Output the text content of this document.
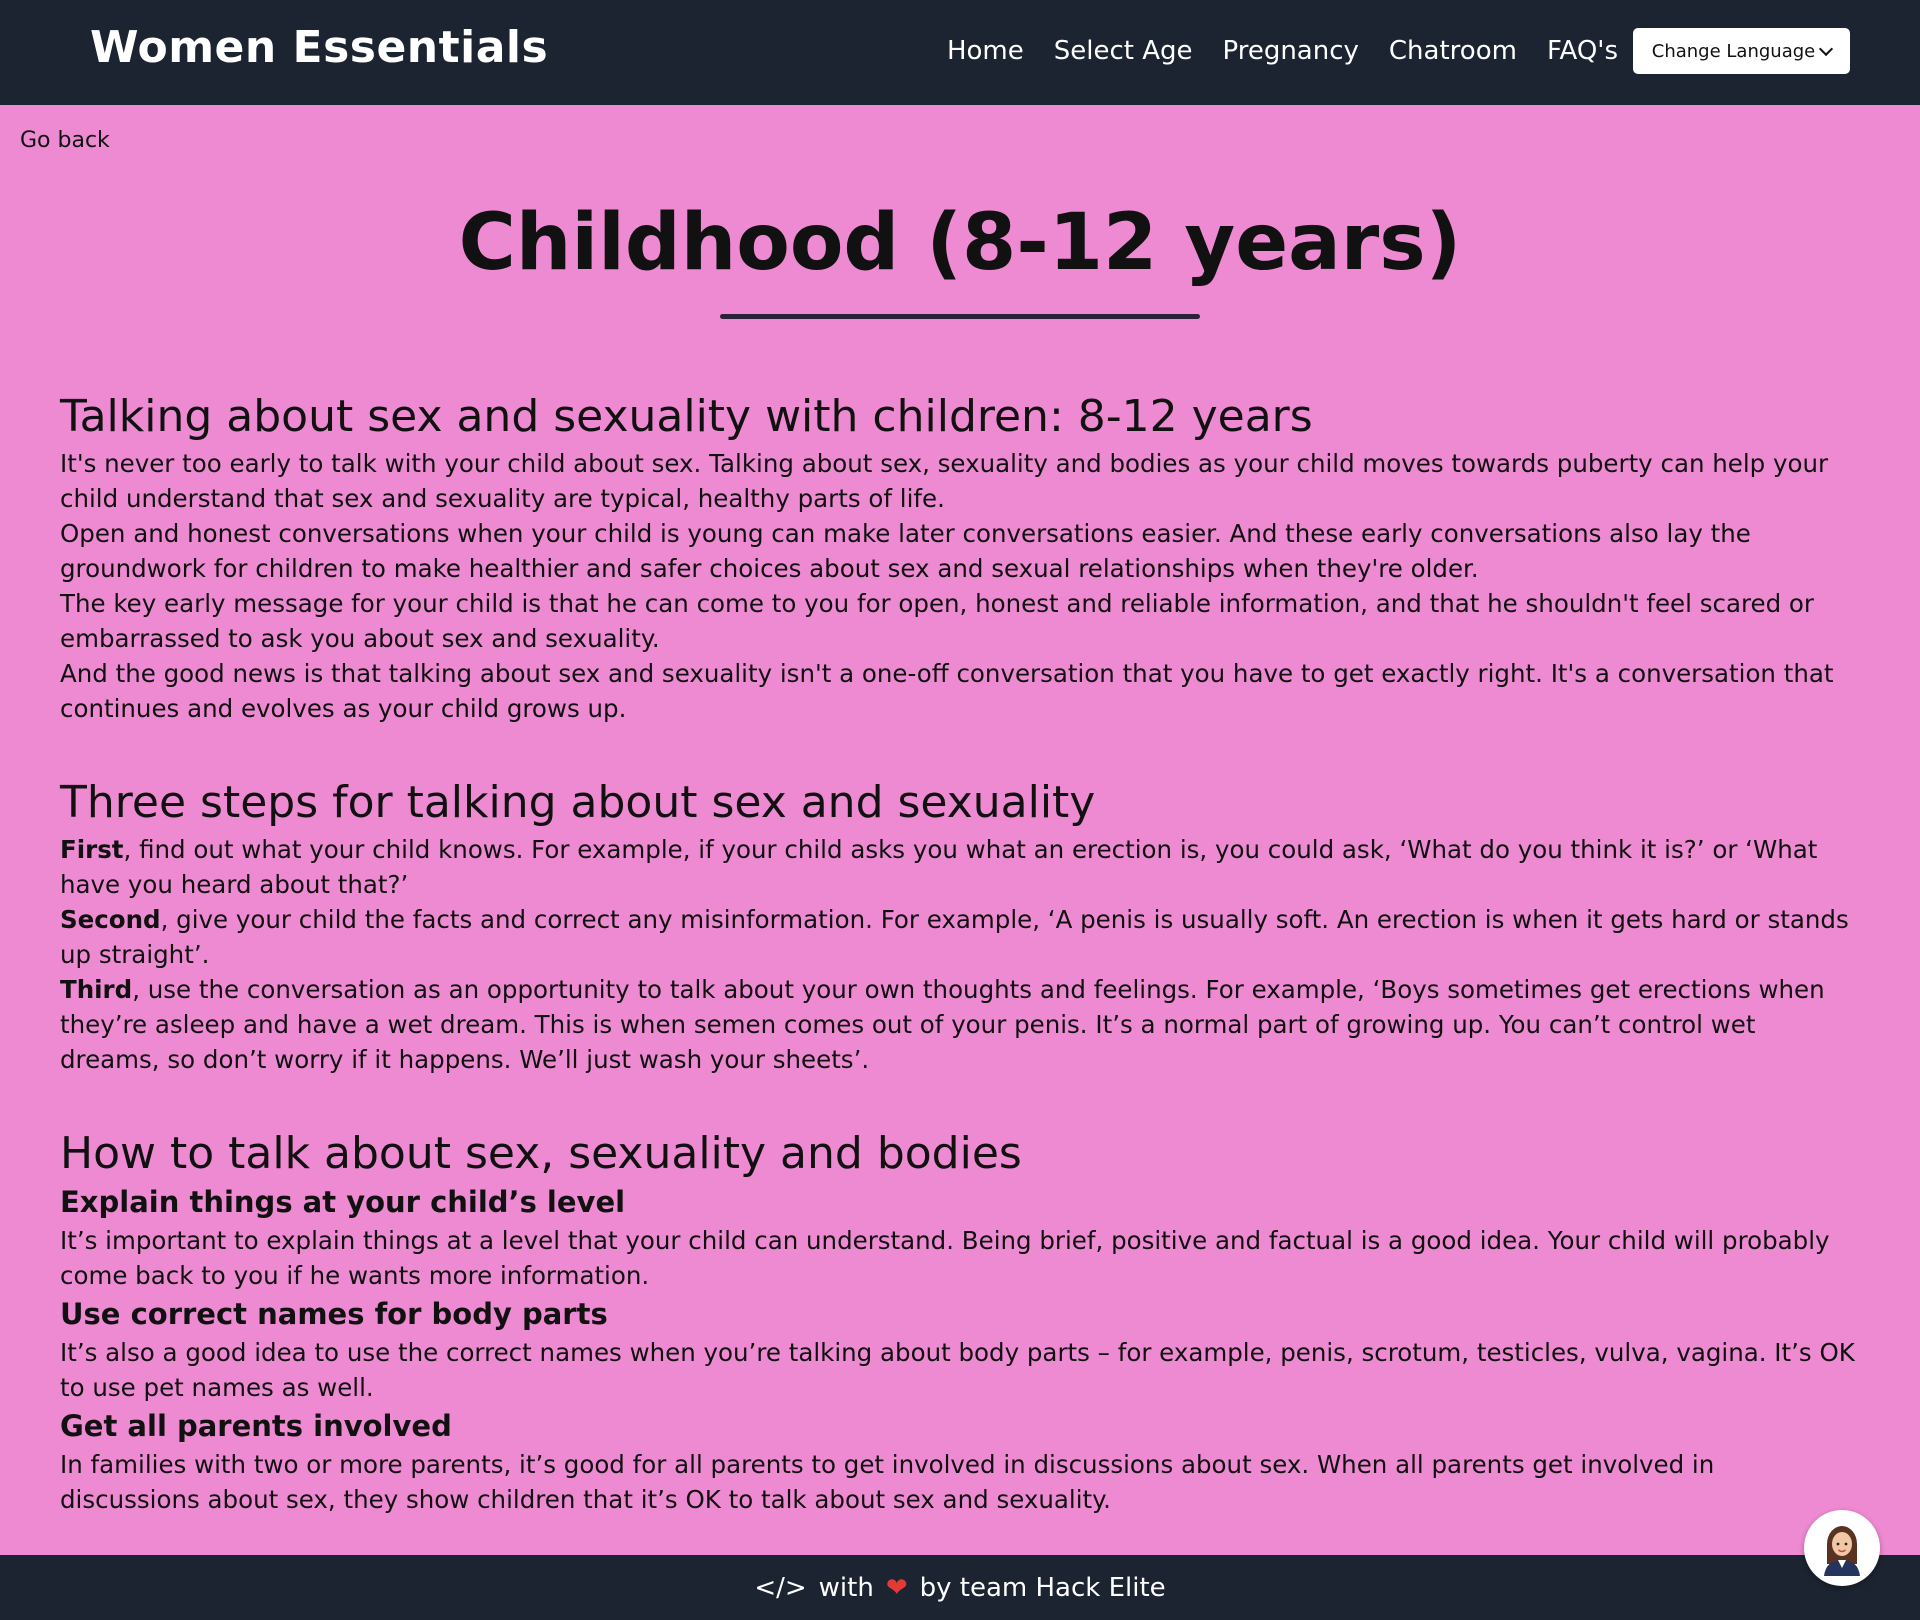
Women Essentials	Home Select Age Pregnancy Chatroom FAQ's Change Language
Go back
Childhood (8-12 years)
Talking about sex and sexuality with children: 8-12 years

It's never too early to talk with your child about sex. Talking about sex, sexuality and bodies as your child moves towards puberty can help your child understand that sex and sexuality are typical, healthy parts of life.

Open and honest conversations when your child is young can make later conversations easier. And these early conversations also lay the groundwork for children to make healthier and safer choices about sex and sexual relationships when they're older.

The key early message for your child is that he can come to you for open, honest and reliable information, and that he shouldn't feel scared or embarrassed to ask you about sex and sexuality.

And the good news is that talking about sex and sexuality isn't a one-off conversation that you have to get exactly right. It's a conversation that continues and evolves as your child grows up.

Three steps for talking about sex and sexuality

First, find out what your child knows. For example, if your child asks you what an erection is, you could ask, ‘What do you think it is?’ or ‘What have you heard about that?’

Second, give your child the facts and correct any misinformation. For example, ‘A penis is usually soft. An erection is when it gets hard or stands up straight’.

Third, use the conversation as an opportunity to talk about your own thoughts and feelings. For example, ‘Boys sometimes get erections when they’re asleep and have a wet dream. This is when semen comes out of your penis. It’s a normal part of growing up. You can’t control wet dreams, so don’t worry if it happens. We’ll just wash your sheets’.

How to talk about sex, sexuality and bodies
Explain things at your child’s level

It’s important to explain things at a level that your child can understand. Being brief, positive and factual is a good idea. Your child will probably come back to you if he wants more information.

Use correct names for body parts

It’s also a good idea to use the correct names when you’re talking about body parts – for example, penis, scrotum, testicles, vulva, vagina. It’s OK to use pet names as well.

Get all parents involved

In families with two or more parents, it’s good for all parents to get involved in discussions about sex. When all parents get involved in discussions about sex, they show children that it’s OK to talk about sex and sexuality.

</> with ❤ by team Hack Elite
